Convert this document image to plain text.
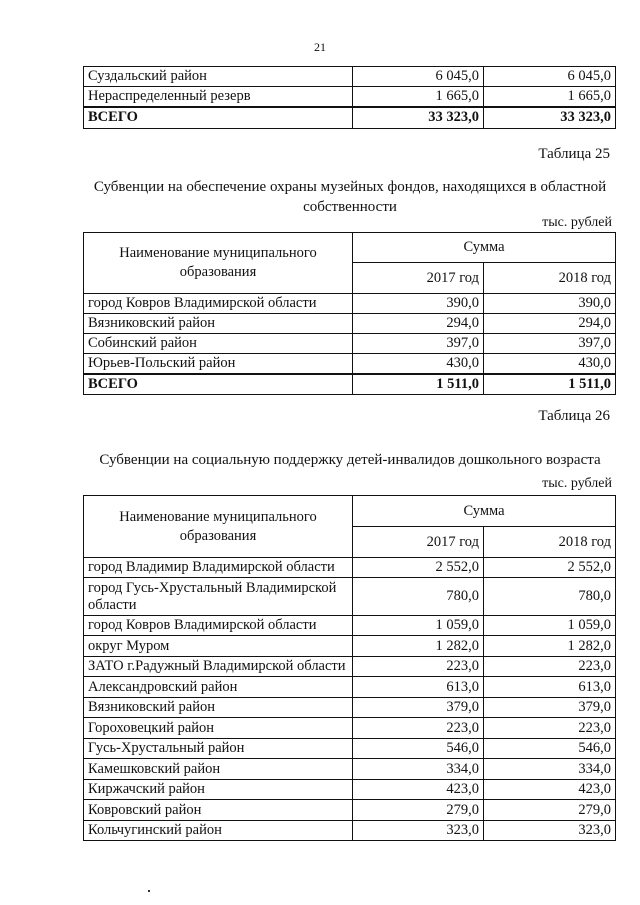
21
Суздальский район	6 045,0	6 045,0
Нераспределенный резерв	1 665,0	1 665,0
ВСЕГО	33 323,0	33 323,0
Таблица 25
Субвенции на обеспечение охраны музейных фондов, находящихся в областной собственности
тыс. рублей
Наименование муниципального образования	Сумма	
	2017 год	2018 год
город Ковров Владимирской области	390,0	390,0
Вязниковский район	294,0	294,0
Собинский район	397,0	397,0
Юрьев-Польский район	430,0	430,0
ВСЕГО	1 511,0	1 511,0
Таблица 26
Субвенции на социальную поддержку детей-инвалидов дошкольного возраста
тыс. рублей
Наименование муниципального образования	Сумма	
	2017 год	2018 год
город Владимир Владимирской области	2 552,0	2 552,0
город Гусь-Хрустальный Владимирской области	780,0	780,0
город Ковров Владимирской области	1 059,0	1 059,0
округ Муром	1 282,0	1 282,0
ЗАТО г.Радужный Владимирской области	223,0	223,0
Александровский район	613,0	613,0
Вязниковский район	379,0	379,0
Гороховецкий район	223,0	223,0
Гусь-Хрустальный район	546,0	546,0
Камешковский район	334,0	334,0
Киржачский район	423,0	423,0
Ковровский район	279,0	279,0
Кольчугинский район	323,0	323,0
